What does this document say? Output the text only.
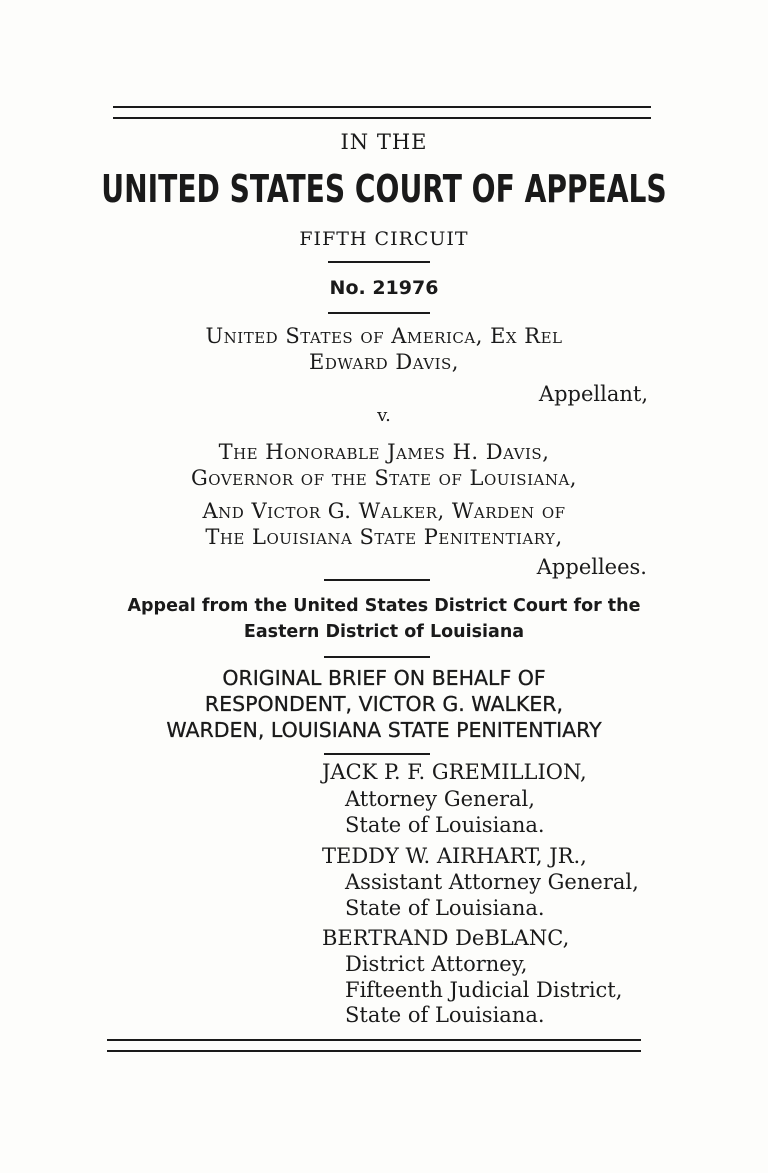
IN THE
UNITED STATES COURT OF APPEALS
FIFTH CIRCUIT
No. 21976
United States of America, Ex Rel
Edward Davis,
Appellant,
v.
The Honorable James H. Davis,
Governor of the State of Louisiana,
And Victor G. Walker, Warden of
The Louisiana State Penitentiary,
Appellees.
Appeal from the United States District Court for the
Eastern District of Louisiana
ORIGINAL BRIEF ON BEHALF OF
RESPONDENT, VICTOR G. WALKER,
WARDEN, LOUISIANA STATE PENITENTIARY
JACK P. F. GREMILLION,
Attorney General,
State of Louisiana.
TEDDY W. AIRHART, JR.,
Assistant Attorney General,
State of Louisiana.
BERTRAND DeBLANC,
District Attorney,
Fifteenth Judicial District,
State of Louisiana.
